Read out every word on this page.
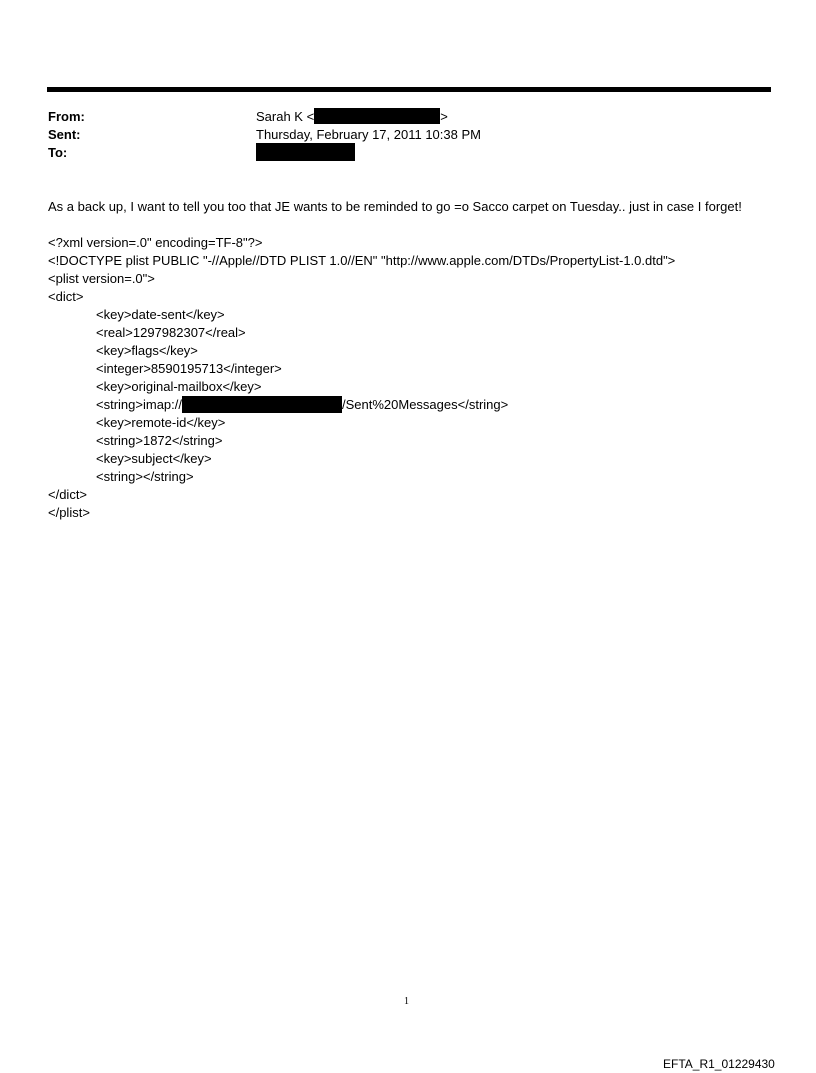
From:	Sarah K <	>
Sent:	Thursday, February 17, 2011 10:38 PM
To:
As a back up, I want to tell you too that JE wants to be reminded to go =o Sacco carpet on Tuesday.. just in case I forget!
<?xml version=.0" encoding=TF-8"?>
<!DOCTYPE plist PUBLIC "-//Apple//DTD PLIST 1.0//EN" "http://www.apple.com/DTDs/PropertyList-1.0.dtd">
<plist version=.0">
<dict>
<key>date-sent</key>
<real>1297982307</real>
<key>flags</key>
<integer>8590195713</integer>
<key>original-mailbox</key>
<string>imap://	/Sent%20Messages</string>
<key>remote-id</key>
<string>1872</string>
<key>subject</key>
<string></string>
</dict>
</plist>
1
EFTA_R1_01229430
